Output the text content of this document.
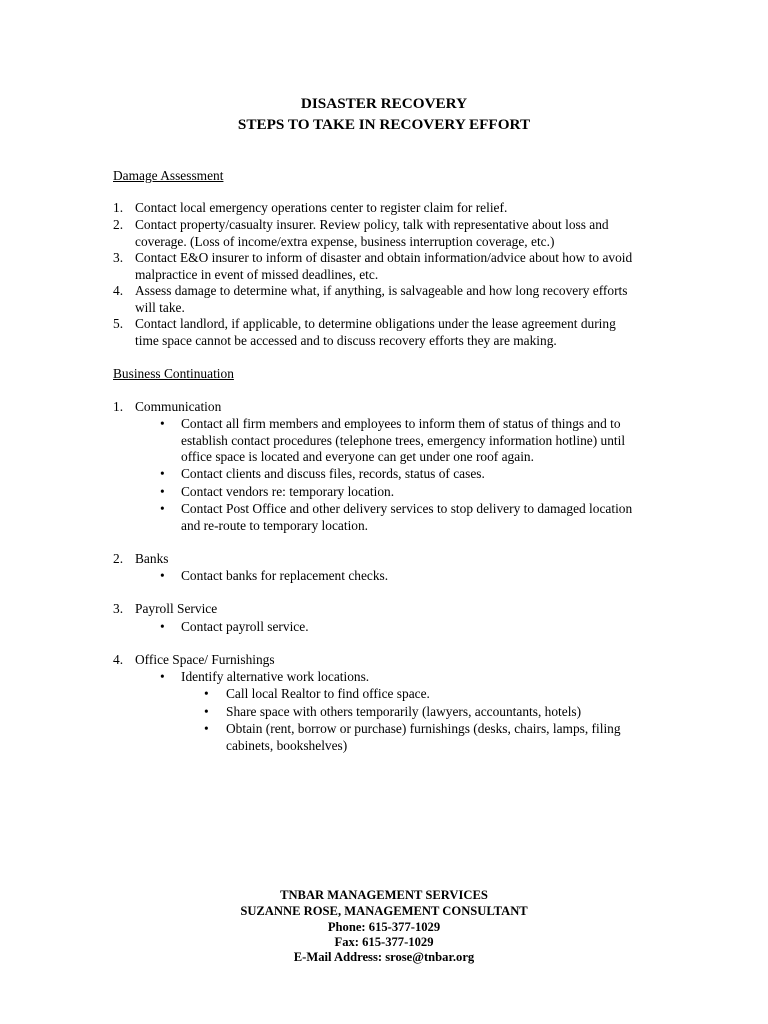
DISASTER RECOVERY
STEPS TO TAKE IN RECOVERY EFFORT
Damage Assessment
1. Contact local emergency operations center to register claim for relief.
2. Contact property/casualty insurer. Review policy, talk with representative about loss and
coverage. (Loss of income/extra expense, business interruption coverage, etc.)
3. Contact E&O insurer to inform of disaster and obtain information/advice about how to avoid
malpractice in event of missed deadlines, etc.
4. Assess damage to determine what, if anything, is salvageable and how long recovery efforts
will take.
5. Contact landlord, if applicable, to determine obligations under the lease agreement during
time space cannot be accessed and to discuss recovery efforts they are making.
Business Continuation
1. Communication
• Contact all firm members and employees to inform them of status of things and to
establish contact procedures (telephone trees, emergency information hotline) until
office space is located and everyone can get under one roof again.
• Contact clients and discuss files, records, status of cases.
• Contact vendors re: temporary location.
• Contact Post Office and other delivery services to stop delivery to damaged location
and re-route to temporary location.
2. Banks
• Contact banks for replacement checks.
3. Payroll Service
• Contact payroll service.
4. Office Space/ Furnishings
• Identify alternative work locations.
• Call local Realtor to find office space.
• Share space with others temporarily (lawyers, accountants, hotels)
• Obtain (rent, borrow or purchase) furnishings (desks, chairs, lamps, filing
cabinets, bookshelves)
TNBAR MANAGEMENT SERVICES
SUZANNE ROSE, MANAGEMENT CONSULTANT
Phone: 615-377-1029
Fax: 615-377-1029
E-Mail Address: srose@tnbar.org
